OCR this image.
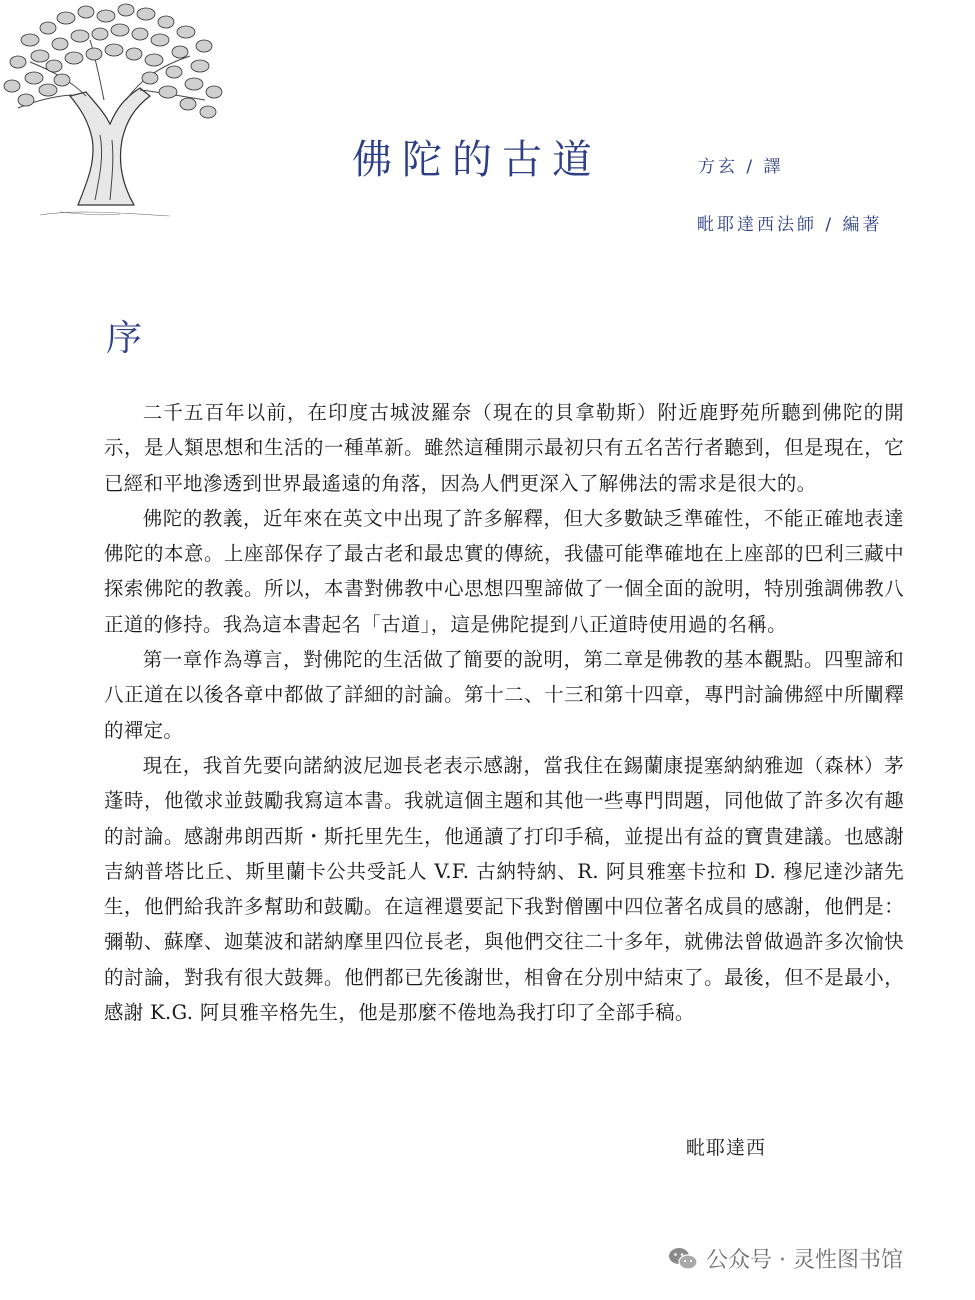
佛陀的古道	方玄 / 譯
毗耶達西法師 / 編著
序

二千五百年以前，在印度古城波羅奈（現在的貝拿勒斯）附近鹿野苑所聽到佛陀的開示，是人類思想和生活的一種革新。雖然這種開示最初只有五名苦行者聽到，但是現在，它已經和平地滲透到世界最遙遠的角落，因為人們更深入了解佛法的需求是很大的。

佛陀的教義，近年來在英文中出現了許多解釋，但大多數缺乏準確性，不能正確地表達佛陀的本意。上座部保存了最古老和最忠實的傳統，我儘可能準確地在上座部的巴利三藏中探索佛陀的教義。所以，本書對佛教中心思想四聖諦做了一個全面的說明，特別強調佛教八正道的修持。我為這本書起名「古道」，這是佛陀提到八正道時使用過的名稱。

第一章作為導言，對佛陀的生活做了簡要的說明，第二章是佛教的基本觀點。四聖諦和八正道在以後各章中都做了詳細的討論。第十二、十三和第十四章，專門討論佛經中所闡釋的禪定。

現在，我首先要向諾納波尼迦長老表示感謝，當我住在錫蘭康提塞納納雅迦（森林）茅蓬時，他徵求並鼓勵我寫這本書。我就這個主題和其他一些專門問題，同他做了許多次有趣的討論。感謝弗朗西斯・斯托里先生，他通讀了打印手稿，並提出有益的寶貴建議。也感謝吉納普塔比丘、斯里蘭卡公共受託人 V.F. 古納特納、R. 阿貝雅塞卡拉和 D. 穆尼達沙諸先生，他們給我許多幫助和鼓勵。在這裡還要記下我對僧團中四位著名成員的感謝，他們是：彌勒、蘇摩、迦葉波和諾納摩里四位長老，與他們交往二十多年，就佛法曾做過許多次愉快的討論，對我有很大鼓舞。他們都已先後謝世，相會在分別中結束了。最後，但不是最小，感謝 K.G. 阿貝雅辛格先生，他是那麼不倦地為我打印了全部手稿。

毗耶達西
公众号 · 灵性图书馆
